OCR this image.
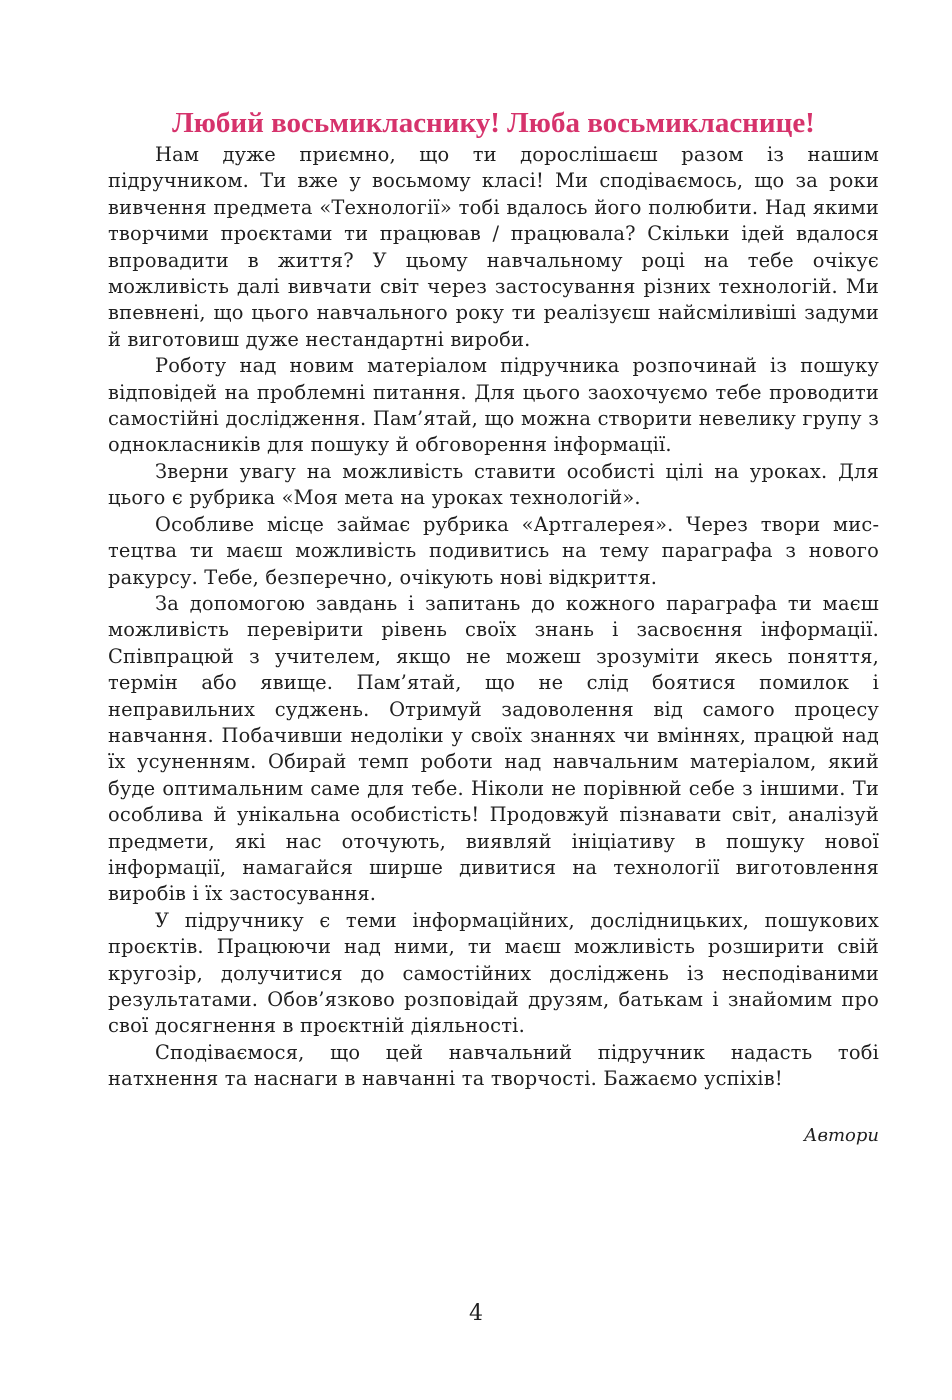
Любий восьмикласнику! Люба восьмикласнице!

Нам дуже приємно, що ти дорослішаєш разом із нашим підручником. Ти вже у восьмому класі! Ми сподіваємось, що за роки вивчення предмета «Технології» тобі вдалось його полюбити. Над якими творчими проєктами ти працював / працювала? Скільки ідей вдалося впровадити в життя? У цьому навчальному році на тебе очікує можливість далі вивчати світ через застосування різних технологій. Ми впевнені, що цього навчального року ти реалізуєш найсміливіші задуми й виготовиш дуже нестандартні вироби.

Роботу над новим матеріалом підручника розпочинай із пошуку відповідей на проблемні питання. Для цього заохочуємо тебе проводити самостійні дослідження. Пам’ятай, що можна створити невелику групу з однокласників для пошуку й обговорення інформації.

Зверни увагу на можливість ставити особисті цілі на уроках. Для цього є рубрика «Моя мета на уроках технологій».

Особливе місце займає рубрика «Артгалерея». Через твори мистецтва ти маєш можливість подивитись на тему параграфа з нового ракурсу. Тебе, безперечно, очікують нові відкриття.

За допомогою завдань і запитань до кожного параграфа ти маєш можливість перевірити рівень своїх знань і засвоєння інформації. Співпрацюй з учителем, якщо не можеш зрозуміти якесь поняття, термін або явище. Пам’ятай, що не слід боятися помилок і неправильних суджень. Отримуй задоволення від самого процесу навчання. Побачивши недоліки у своїх знаннях чи вміннях, працюй над їх усуненням. Обирай темп роботи над навчальним матеріалом, який буде оптимальним саме для тебе. Ніколи не порівнюй себе з іншими. Ти особлива й унікальна особистість! Продовжуй пізнавати світ, аналізуй предмети, які нас оточують, виявляй ініціативу в пошуку нової інформації, намагайся ширше дивитися на технології виготовлення виробів і їх застосування.

У підручнику є теми інформаційних, дослідницьких, пошукових проєктів. Працюючи над ними, ти маєш можливість розширити свій кругозір, долучитися до самостійних досліджень із несподіваними результатами. Обов’язково розповідай друзям, батькам і знайомим про свої досягнення в проєктній діяльності.

Сподіваємося, що цей навчальний підручник надасть тобі натхнення та наснаги в навчанні та творчості. Бажаємо успіхів!

Автори

4
